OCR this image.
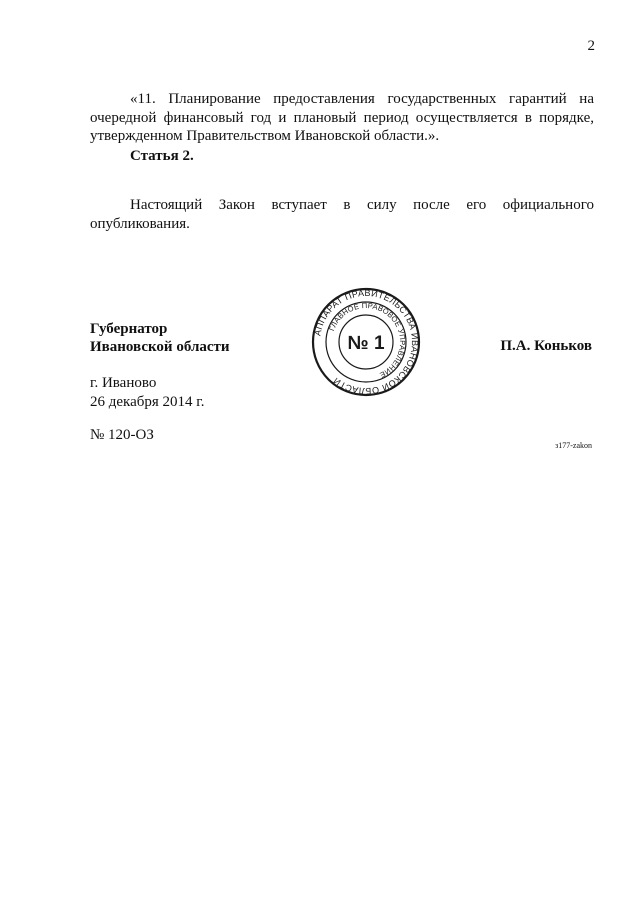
2

«11. Планирование предоставления государственных гарантий на очередной финансовый год и плановый период осуществляется в порядке, утвержденном Правительством Ивановской области.».

Статья 2.

Настоящий Закон вступает в силу после его официального опубликования.

Губернатор
Ивановской области	П.А. Коньков
АППАРАТ ПРАВИТЕЛЬСТВА ИВАНОВСКОЙ ОБЛАСТИ
ГЛАВНОЕ ПРАВОВОЕ УПРАВЛЕНИЕ
№ 1
г. Иваново
26 декабря 2014 г.
№ 120-ОЗ
з177-zakon
